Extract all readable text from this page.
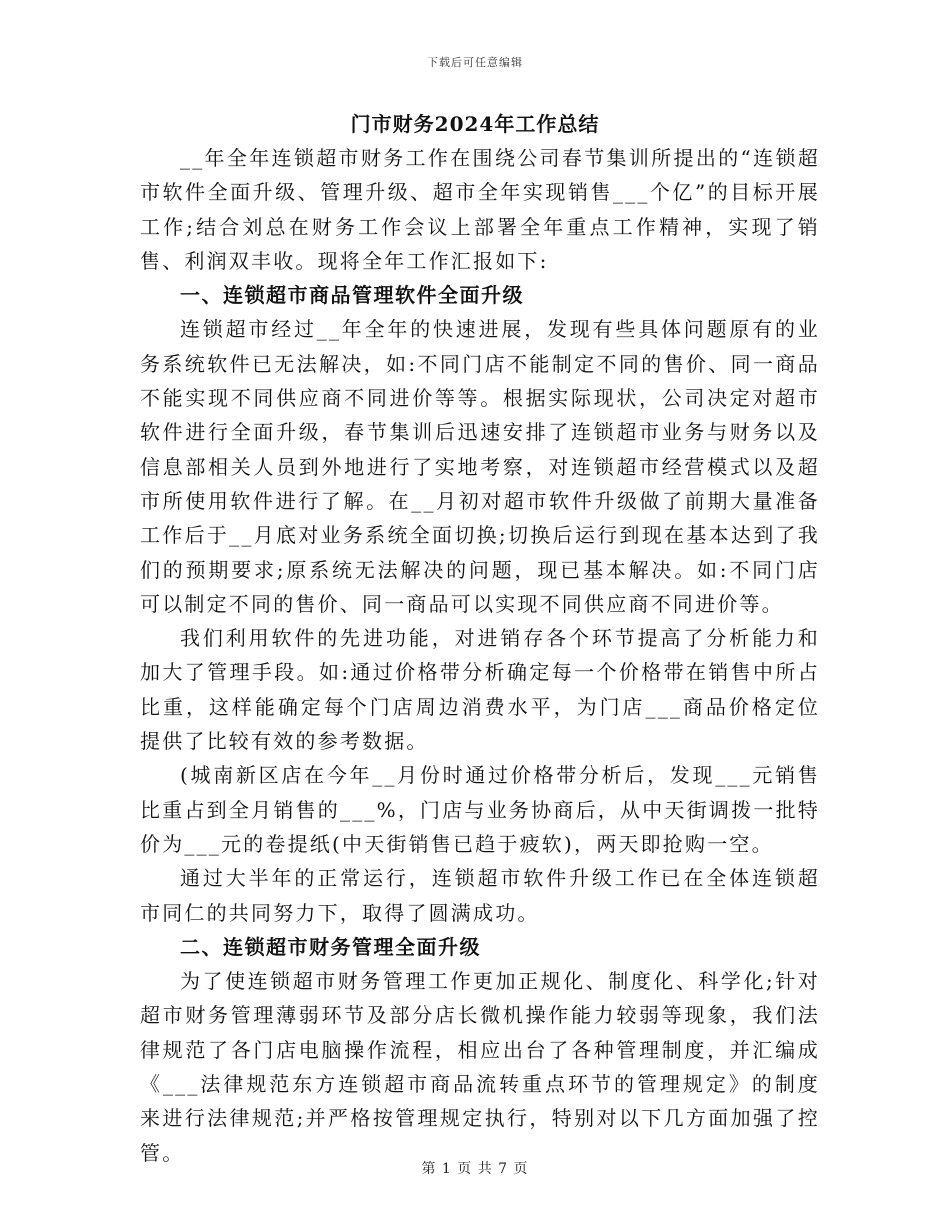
下载后可任意编辑
门市财务2024年工作总结

__年全年连锁超市财务工作在围绕公司春节集训所提出的“连锁超市软件全面升级、管理升级、超市全年实现销售___个亿”的目标开展工作;结合刘总在财务工作会议上部署全年重点工作精神，实现了销售、利润双丰收。现将全年工作汇报如下:

一、连锁超市商品管理软件全面升级

连锁超市经过__年全年的快速进展，发现有些具体问题原有的业务系统软件已无法解决，如:不同门店不能制定不同的售价、同一商品不能实现不同供应商不同进价等等。根据实际现状，公司决定对超市软件进行全面升级，春节集训后迅速安排了连锁超市业务与财务以及信息部相关人员到外地进行了实地考察，对连锁超市经营模式以及超市所使用软件进行了解。在__月初对超市软件升级做了前期大量准备工作后于__月底对业务系统全面切换;切换后运行到现在基本达到了我们的预期要求;原系统无法解决的问题，现已基本解决。如:不同门店可以制定不同的售价、同一商品可以实现不同供应商不同进价等。

我们利用软件的先进功能，对进销存各个环节提高了分析能力和加大了管理手段。如:通过价格带分析确定每一个价格带在销售中所占比重，这样能确定每个门店周边消费水平，为门店___商品价格定位提供了比较有效的参考数据。

(城南新区店在今年__月份时通过价格带分析后，发现___元销售比重占到全月销售的___%，门店与业务协商后，从中天街调拨一批特价为___元的卷提纸(中天街销售已趋于疲软)，两天即抢购一空。

通过大半年的正常运行，连锁超市软件升级工作已在全体连锁超市同仁的共同努力下，取得了圆满成功。

二、连锁超市财务管理全面升级

为了使连锁超市财务管理工作更加正规化、制度化、科学化;针对超市财务管理薄弱环节及部分店长微机操作能力较弱等现象，我们法律规范了各门店电脑操作流程，相应出台了各种管理制度，并汇编成《___法律规范东方连锁超市商品流转重点环节的管理规定》的制度来进行法律规范;并严格按管理规定执行，特别对以下几方面加强了控管。

第 1 页 共 7 页
